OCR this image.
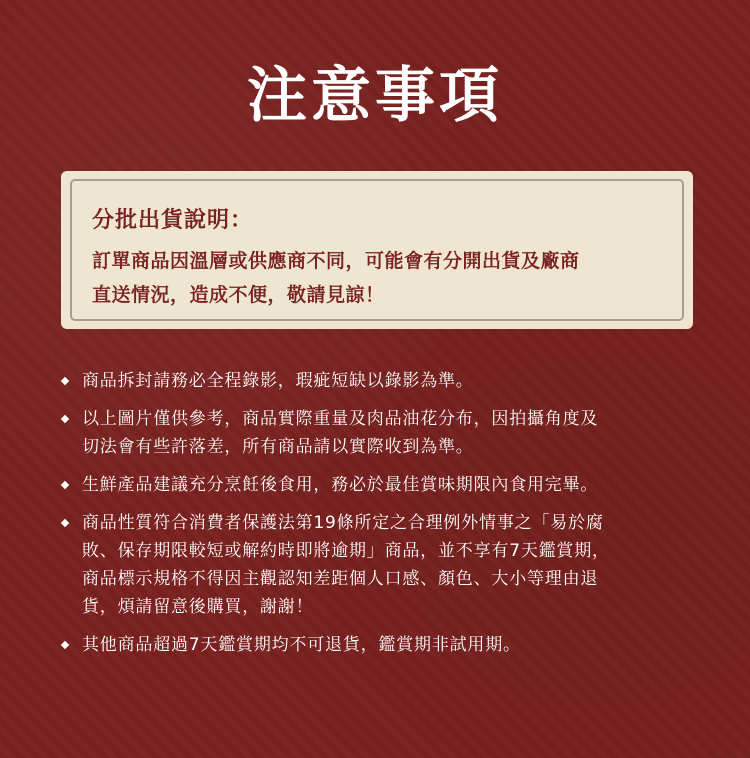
注意事項
分批出貨說明：
訂單商品因溫層或供應商不同，可能會有分開出貨及廠商
直送情況，造成不便，敬請見諒！
商品拆封請務必全程錄影，瑕疵短缺以錄影為準。
以上圖片僅供參考，商品實際重量及肉品油花分布，因拍攝角度及
切法會有些許落差，所有商品請以實際收到為準。
生鮮產品建議充分烹飪後食用，務必於最佳賞味期限內食用完畢。
商品性質符合消費者保護法第19條所定之合理例外情事之「易於腐
敗、保存期限較短或解約時即將逾期」商品，並不享有7天鑑賞期，
商品標示規格不得因主觀認知差距個人口感、顏色、大小等理由退
貨，煩請留意後購買，謝謝！
其他商品超過7天鑑賞期均不可退貨，鑑賞期非試用期。
